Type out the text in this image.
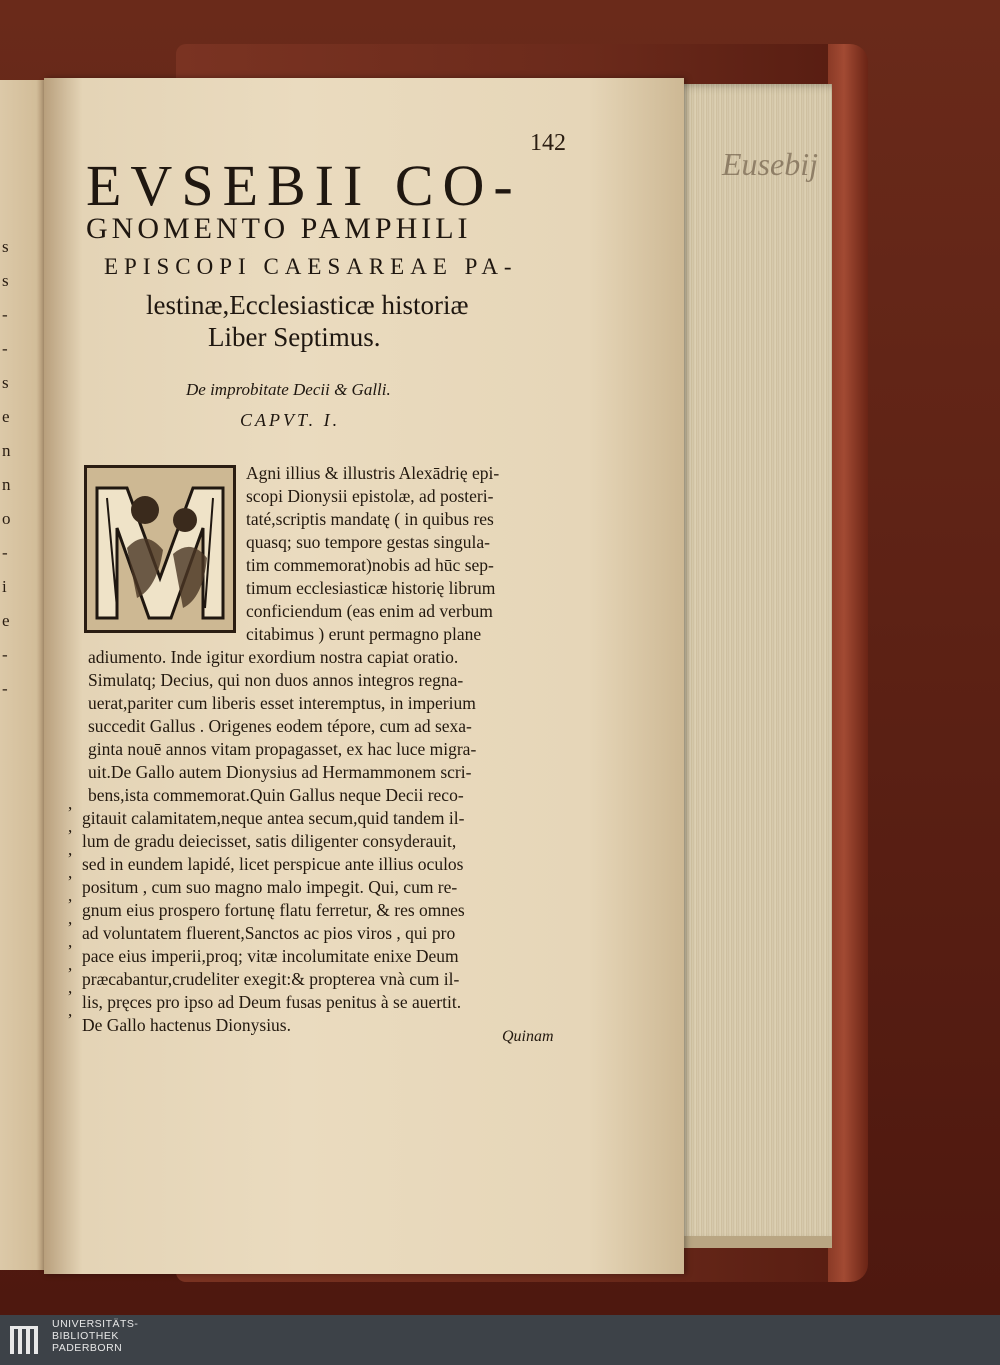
Eusebij
s
s
-
-
s
e
n
n
o
-
i
e
-
-
142
EVSEBII CO-
GNOMENTO PAMPHILI
EPISCOPI CAESAREAE PA-
lestinæ,Ecclesiasticæ historiæ
Liber Septimus.
De improbitate Decii & Galli.
CAPVT. I.
Agni illius & illustris Alexādrię epi-
scopi Dionysii epistolæ, ad posteri-
taté,scriptis mandatę ( in quibus res
quasq; suo tempore gestas singula-
tim commemorat)nobis ad hūc sep-
timum ecclesiasticæ historię librum
conficiendum (eas enim ad verbum
citabimus ) erunt permagno plane
adiumento. Inde igitur exordium nostra capiat oratio.
Simulatq; Decius, qui non duos annos integros regna-
uerat,pariter cum liberis esset interemptus, in imperium
succedit Gallus . Origenes eodem tépore, cum ad sexa-
ginta nouē annos vitam propagasset, ex hac luce migra-
uit.De Gallo autem Dionysius ad Hermammonem scri-
bens,ista commemorat.Quin Gallus neque Decii reco-
gitauit calamitatem,neque antea secum,quid tandem il-
lum de gradu deiecisset, satis diligenter consyderauit,
sed in eundem lapidé, licet perspicue ante illius oculos
positum , cum suo magno malo impegit. Qui, cum re-
gnum eius prospero fortunę flatu ferretur, & res omnes
ad voluntatem fluerent,Sanctos ac pios viros , qui pro
pace eius imperii,proq; vitæ incolumitate enixe Deum
præcabantur,crudeliter exegit:& propterea vnà cum il-
lis, pręces pro ipso ad Deum fusas penitus à se auertit.
De Gallo hactenus Dionysius.
,
,
,
,
,
,
,
,
,
,
Quinam
UNIVERSITÄTS-
BIBLIOTHEK
PADERBORN
